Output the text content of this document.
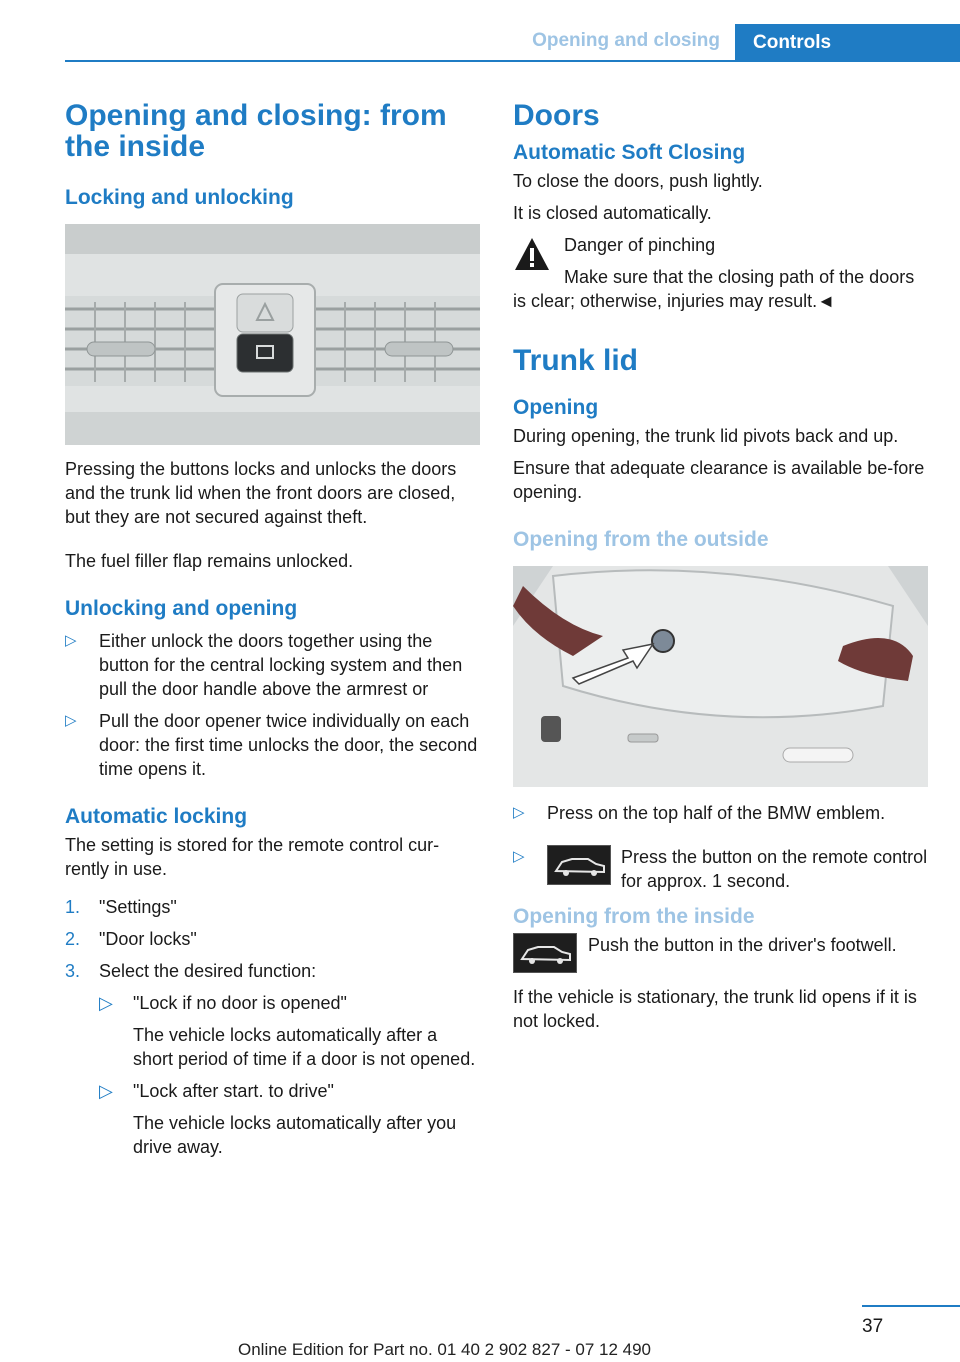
Opening and closing	Controls
Opening and closing: from the inside
Locking and unlocking

Pressing the buttons locks and unlocks the doors and the trunk lid when the front doors are closed, but they are not secured against theft.

The fuel filler flap remains unlocked.

Unlocking and opening
▷ Either unlock the doors together using the button for the central locking system and then pull the door handle above the armrest or
▷ Pull the door opener twice individually on each door: the first time unlocks the door, the second time opens it.
Automatic locking

The setting is stored for the remote control cur‐rently in use.

1. "Settings"
2. "Door locks"
3. Select the desired function:
▷ "Lock if no door is opened"
The vehicle locks automatically after a short period of time if a door is not opened.
▷ "Lock after start. to drive"
The vehicle locks automatically after you drive away.
Doors
Automatic Soft Closing

To close the doors, push lightly.

It is closed automatically.

Danger of pinching

Make sure that the closing path of the doors is clear; otherwise, injuries may result.◄

Trunk lid
Opening

During opening, the trunk lid pivots back and up.

Ensure that adequate clearance is available be‐fore opening.

Opening from the outside
▷ Press on the top half of the BMW emblem.
▷	Press the button on the remote control for approx. 1 second.
Opening from the inside

Push the button in the driver's footwell.

If the vehicle is stationary, the trunk lid opens if it is not locked.

37
Online Edition for Part no. 01 40 2 902 827 - 07 12 490
